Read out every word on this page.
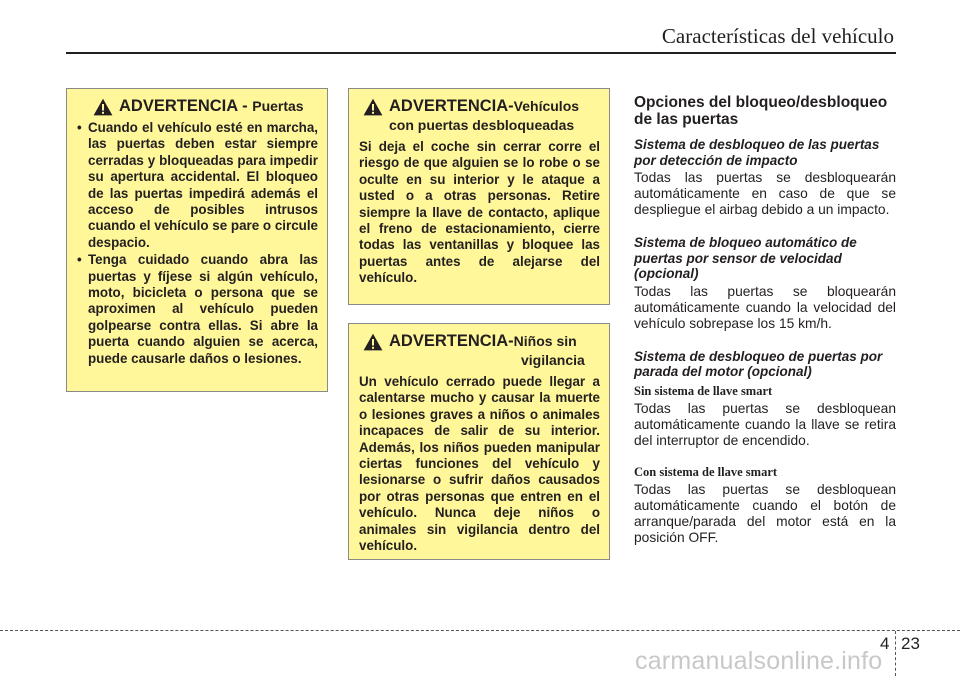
Características del vehículo
ADVERTENCIA - Puertas
• Cuando el vehículo esté en marcha, las puertas deben estar siempre cerradas y bloqueadas para impedir su apertura accidental. El bloqueo de las puertas impedirá además el acceso de posibles intrusos cuando el vehículo se pare o circule despacio.
• Tenga cuidado cuando abra las puertas y fíjese si algún vehículo, moto, bicicleta o persona que se aproximen al vehículo pueden golpearse contra ellas. Si abre la puerta cuando alguien se acerca, puede causarle daños o lesiones.
ADVERTENCIA-Vehículos
con puertas desbloqueadas
Si deja el coche sin cerrar corre el riesgo de que alguien se lo robe o se oculte en su interior y le ataque a usted o a otras personas. Retire siempre la llave de contacto, aplique el freno de estacionamiento, cierre todas las ventanillas y bloquee las puertas antes de alejarse del vehículo.
ADVERTENCIA-Niños sin
vigilancia
Un vehículo cerrado puede llegar a calentarse mucho y causar la muerte o lesiones graves a niños o animales incapaces de salir de su interior. Además, los niños pueden manipular ciertas funciones del vehículo y lesionarse o sufrir daños causados por otras personas que entren en el vehículo. Nunca deje niños o animales sin vigilancia dentro del vehículo.
Opciones del bloqueo/desbloqueo de las puertas

Sistema de desbloqueo de las puertas por detección de impacto

Todas las puertas se desbloquearán automáticamente en caso de que se despliegue el airbag debido a un impacto.

Sistema de bloqueo automático de puertas por sensor de velocidad (opcional)

Todas las puertas se bloquearán automáticamente cuando la velocidad del vehículo sobrepase los 15 km/h.

Sistema de desbloqueo de puertas por parada del motor (opcional)

Sin sistema de llave smart

Todas las puertas se desbloquean automáticamente cuando la llave se retira del interruptor de encendido.

Con sistema de llave smart

Todas las puertas se desbloquean automáticamente cuando el botón de arranque/parada del motor está en la posición OFF.

4 23
carmanualsonline.info
